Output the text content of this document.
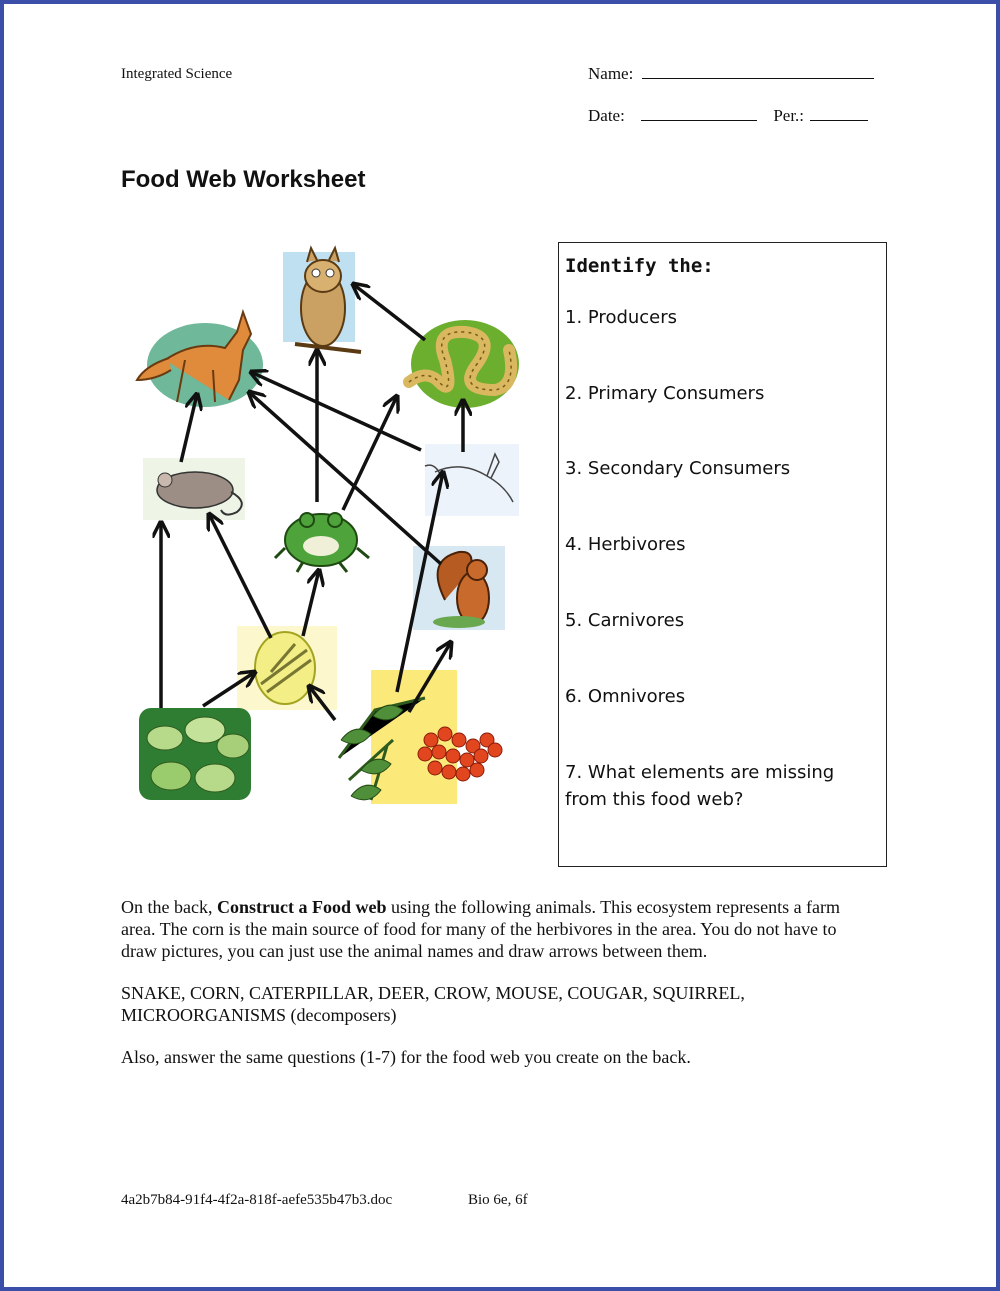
Integrated Science	Name:
Date:	Per.:
Food Web Worksheet
Identify the:
1. Producers
2. Primary Consumers
3. Secondary Consumers
4. Herbivores
5. Carnivores
6. Omnivores
7. What elements are missing
from this food web?
On the back, Construct a Food web using the following animals. This ecosystem represents a farm area. The corn is the main source of food for many of the herbivores in the area. You do not have to draw pictures, you can just use the animal names and draw arrows between them.
SNAKE, CORN, CATERPILLAR, DEER, CROW, MOUSE, COUGAR, SQUIRREL, MICROORGANISMS (decomposers)
Also, answer the same questions (1-7) for the food web you create on the back.
4a2b7b84-91f4-4f2a-818f-aefe535b47b3.doc	Bio 6e, 6f
